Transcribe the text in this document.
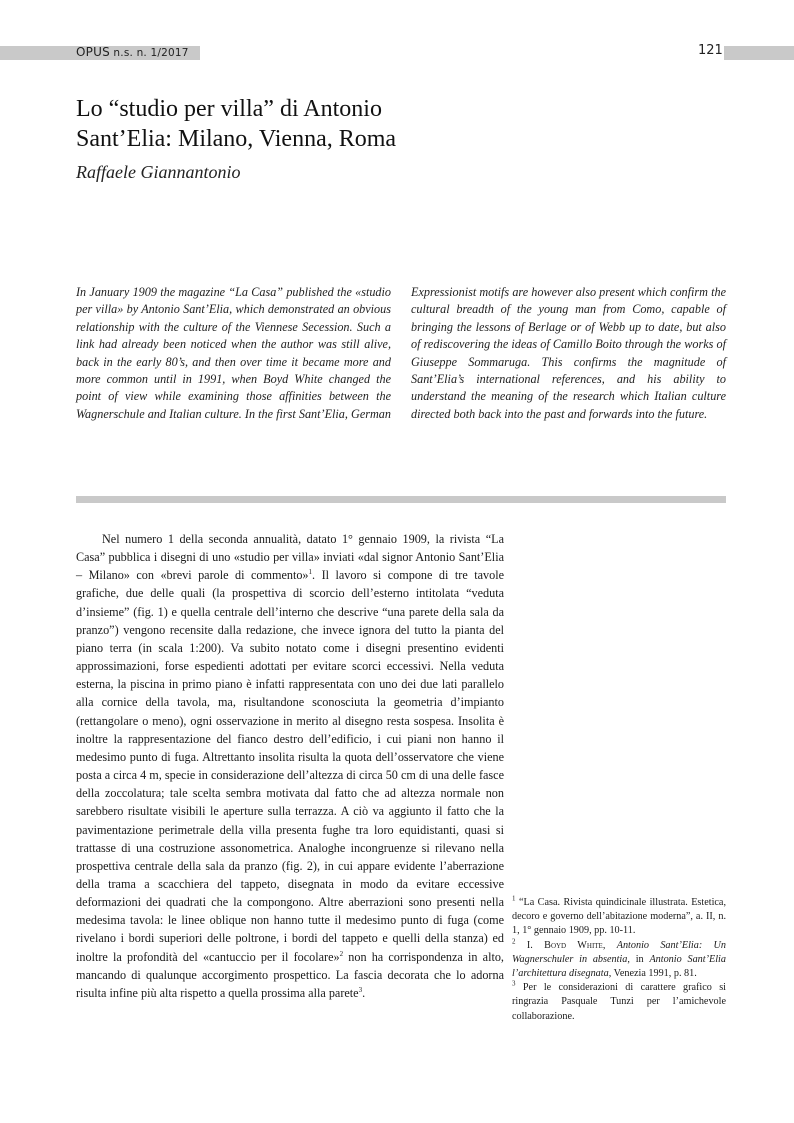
OPUS n.s. n. 1/2017	121
Lo “studio per villa” di Antonio
Sant’Elia: Milano, Vienna, Roma
Raffaele Giannantonio
In January 1909 the magazine “La Casa” published the «studio per villa» by Antonio Sant’Elia, which demonstrated an obvious relationship with the culture of the Viennese Secession. Such a link had already been noticed when the author was still alive, back in the early 80’s, and then over time it became more and more common until in 1991, when Boyd White changed the point of view while examining those affinities between the Wagnerschule and Italian culture. In the first Sant’Elia, German Expressionist motifs are however also present which confirm the cultural breadth of the young man from Como, capable of bringing the lessons of Berlage or of Webb up to date, but also of rediscovering the ideas of Camillo Boito through the works of Giuseppe Sommaruga. This confirms the magnitude of Sant’Elia’s international references, and his ability to understand the meaning of the research which Italian culture directed both back into the past and forwards into the future.

Nel numero 1 della seconda annualità, datato 1° gennaio 1909, la rivista “La Casa” pubblica i disegni di uno «studio per villa» inviati «dal signor Antonio Sant’Elia – Milano» con «brevi parole di commento»$^1$. Il lavoro si compone di tre tavole grafiche, due delle quali (la prospettiva di scorcio dell’esterno intitolata “veduta d’insieme” (fig. 1) e quella centrale dell’interno che descrive “una parete della sala da pranzo”) vengono recensite dalla redazione, che invece ignora del tutto la pianta del piano terra (in scala 1:200). Va subito notato come i disegni presentino evidenti approssimazioni, forse espedienti adottati per evitare scorci eccessivi. Nella veduta esterna, la piscina in primo piano è infatti rappresentata con uno dei due lati parallelo alla cornice della tavola, ma, risultandone sconosciuta la geometria d’impianto (rettangolare o meno), ogni osservazione in merito al disegno resta sospesa. Insolita è inoltre la rappresentazione del fianco destro dell’edificio, i cui piani non hanno il medesimo punto di fuga. Altrettanto insolita risulta la quota dell’osservatore che viene posta a circa 4 m, specie in considerazione dell’altezza di circa 50 cm di una delle fasce della zoccolatura; tale scelta sembra motivata dal fatto che ad altezza normale non sarebbero risultate visibili le aperture sulla terrazza. A ciò va aggiunto il fatto che la pavimentazione perimetrale della villa presenta fughe tra loro equidistanti, quasi si trattasse di una costruzione assonometrica. Analoghe incongruenze si rilevano nella prospettiva centrale della sala da pranzo (fig. 2), in cui appare evidente l’aberrazione della trama a scacchiera del tappeto, disegnata in modo da evitare eccessive deformazioni dei quadrati che la compongono. Altre aberrazioni sono presenti nella medesima tavola: le linee oblique non hanno tutte il medesimo punto di fuga (come rivelano i bordi superiori delle poltrone, i bordi del tappeto e quelli della stanza) ed inoltre la profondità del «cantuccio per il focolare»$^2$ non ha corrispondenza in alto, mancando di qualunque accorgimento prospettico. La fascia decorata che lo adorna risulta infine più alta rispetto a quella prossima alla parete$^3$.

$^1$ “La Casa. Rivista quindicinale illustrata. Estetica, decoro e governo dell’abitazione moderna”, a. II, n. 1, 1° gennaio 1909, pp. 10-11.

$^2$ I. Boyd White, Antonio Sant’Elia: Un Wagnerschuler in absentia, in Antonio Sant’Elia l’architettura disegnata, Venezia 1991, p. 81.

$^3$ Per le considerazioni di carattere grafico si ringrazia Pasquale Tunzi per l’amichevole collaborazione.
